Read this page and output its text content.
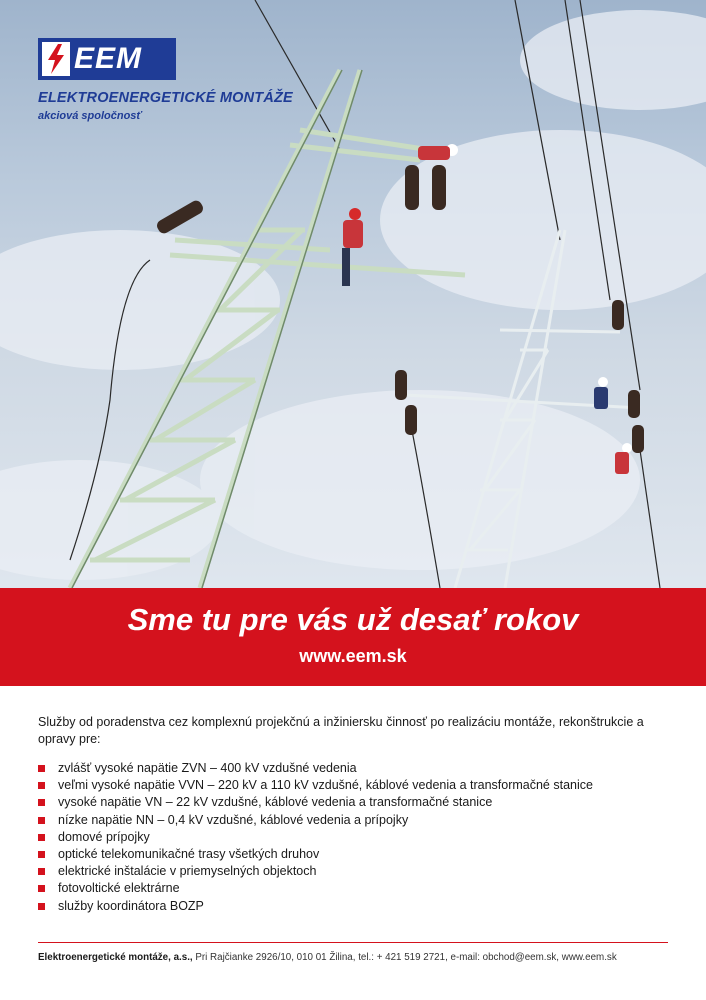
EEM
ELEKTROENERGETICKÉ MONTÁŽE
akciová spoločnosť
Sme tu pre vás už desať rokov
www.eem.sk
Služby od poradenstva cez komplexnú projekčnú a inžiniersku činnosť po realizáciu montáže, rekonštrukcie a opravy pre:
zvlášť vysoké napätie ZVN – 400 kV vzdušné vedenia
veľmi vysoké napätie VVN – 220 kV a 110 kV vzdušné, káblové vedenia a transformačné stanice
vysoké napätie VN – 22 kV vzdušné, káblové vedenia a transformačné stanice
nízke napätie NN – 0,4 kV vzdušné, káblové vedenia a prípojky
domové prípojky
optické telekomunikačné trasy všetkých druhov
elektrické inštalácie v priemyselných objektoch
fotovoltické elektrárne
služby koordinátora BOZP
Elektroenergetické montáže, a.s., Pri Rajčianke 2926/10, 010 01 Žilina, tel.: + 421 519 2721, e-mail: obchod@eem.sk, www.eem.sk
